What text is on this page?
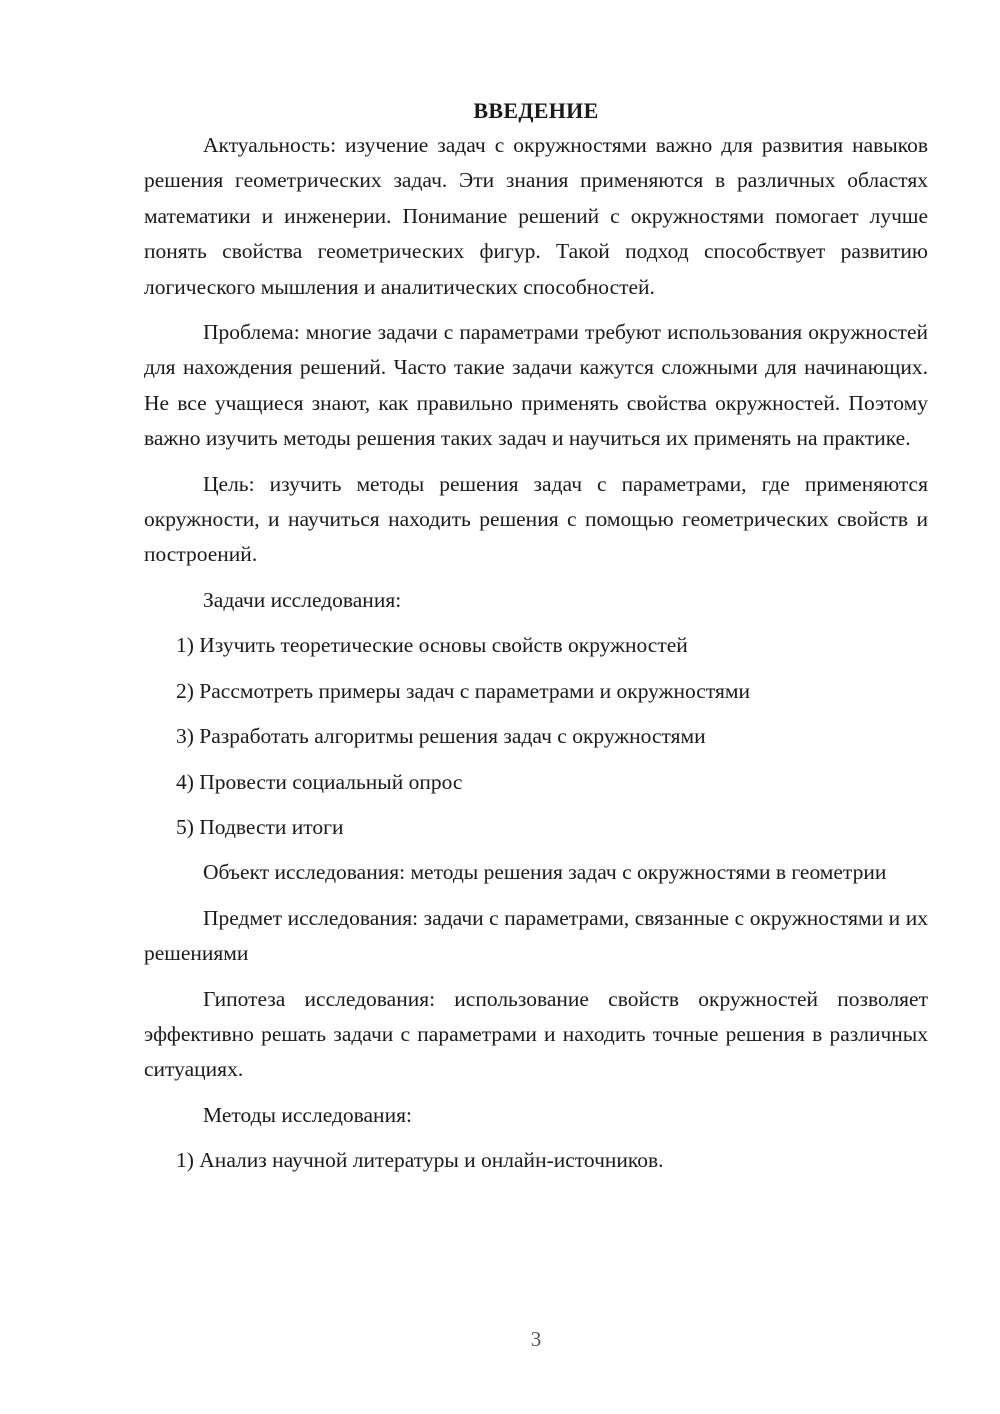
ВВЕДЕНИЕ

Актуальность: изучение задач с окружностями важно для развития навыков решения геометрических задач. Эти знания применяются в различных областях математики и инженерии. Понимание решений с окружностями помогает лучше понять свойства геометрических фигур. Такой подход способствует развитию логического мышления и аналитических способностей.

Проблема: многие задачи с параметрами требуют использования окружностей для нахождения решений. Часто такие задачи кажутся сложными для начинающих. Не все учащиеся знают, как правильно применять свойства окружностей. Поэтому важно изучить методы решения таких задач и научиться их применять на практике.

Цель: изучить методы решения задач с параметрами, где применяются окружности, и научиться находить решения с помощью геометрических свойств и построений.

Задачи исследования:

1) Изучить теоретические основы свойств окружностей
2) Рассмотреть примеры задач с параметрами и окружностями
3) Разработать алгоритмы решения задач с окружностями
4) Провести социальный опрос
5) Подвести итоги

Объект исследования: методы решения задач с окружностями в геометрии

Предмет исследования: задачи с параметрами, связанные с окружностями и их решениями

Гипотеза исследования: использование свойств окружностей позволяет эффективно решать задачи с параметрами и находить точные решения в различных ситуациях.

Методы исследования:

1) Анализ научной литературы и онлайн-источников.
3
